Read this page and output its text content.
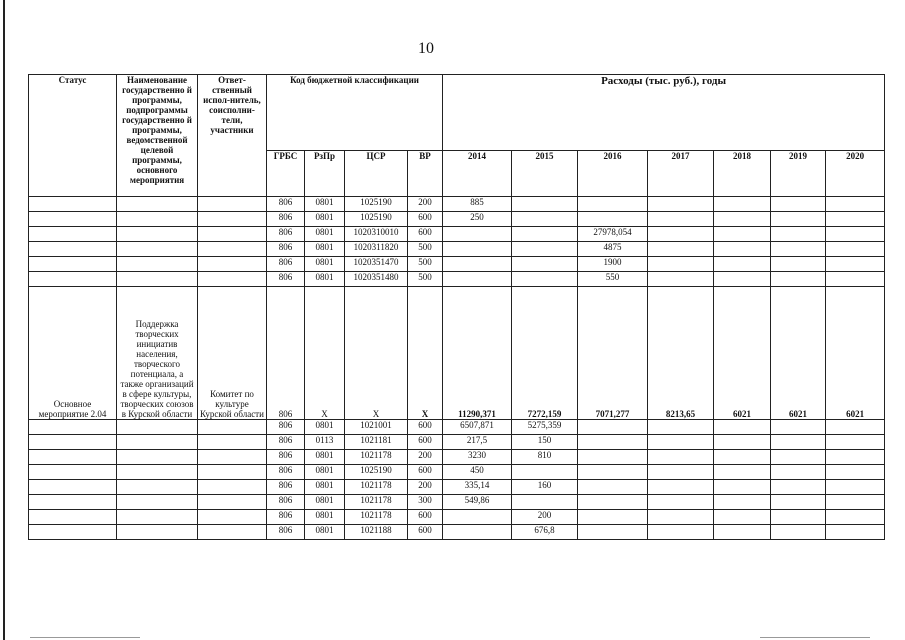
10
Статус	Наименование государственно й программы, подпрограммы государственно й программы, ведомственной целевой программы, основного мероприятия	Ответ-ственный испол-нитель, соисполни-тели, участники	Код бюджетной классификации				Расходы (тыс. руб.), годы						
			ГРБС	РзПр	ЦСР	ВР	2014	2015	2016	2017	2018	2019	2020
			806	0801	1025190	200	885						
			806	0801	1025190	600	250						
			806	0801	1020310010	600			27978,054				
			806	0801	1020311820	500			4875				
			806	0801	1020351470	500			1900				
			806	0801	1020351480	500			550				
Основное мероприятие 2.04	Поддержка творческих инициатив населения, творческого потенциала, а также организаций в сфере культуры, творческих союзов в Курской области	Комитет по культуре Курской области	806	X	X	X	11290,371	7272,159	7071,277	8213,65	6021	6021	6021
			806	0801	1021001	600	6507,871	5275,359					
			806	0113	1021181	600	217,5	150					
			806	0801	1021178	200	3230	810					
			806	0801	1025190	600	450						
			806	0801	1021178	200	335,14	160					
			806	0801	1021178	300	549,86						
			806	0801	1021178	600		200					
			806	0801	1021188	600		676,8					
